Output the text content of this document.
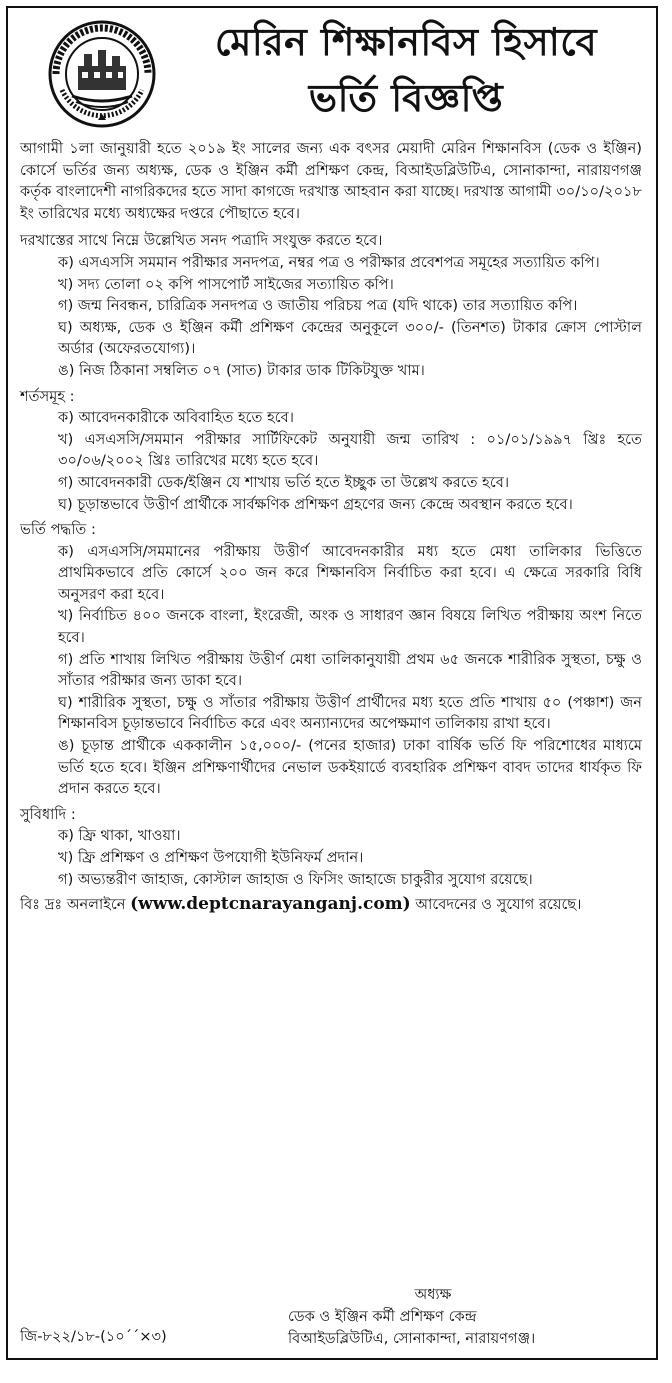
মেরিন শিক্ষানবিস হিসাবে
ভর্তি বিজ্ঞপ্তি

আগামী ১লা জানুয়ারী হতে ২০১৯ ইং সালের জন্য এক বৎসর মেয়াদী মেরিন শিক্ষানবিস (ডেক ও ইঞ্জিন) কোর্সে ভর্তির জন্য অধ্যক্ষ, ডেক ও ইঞ্জিন কর্মী প্রশিক্ষণ কেন্দ্র, বিআইডব্লিউটিএ, সোনাকান্দা, নারায়ণগঞ্জ কর্তৃক বাংলাদেশী নাগরিকদের হতে সাদা কাগজে দরখাস্ত আহবান করা যাচ্ছে। দরখাস্ত আগামী ৩০/১০/২০১৮ ইং তারিখের মধ্যে অধ্যক্ষের দপ্তরে পৌছাতে হবে।

দরখাস্তের সাথে নিম্নে উল্লেখিত সনদ পত্রাদি সংযুক্ত করতে হবে।

ক) এসএসসি সমমান পরীক্ষার সনদপত্র, নম্বর পত্র ও পরীক্ষার প্রবেশপত্র সমূহের সত্যায়িত কপি।

খ) সদ্য তোলা ০২ কপি পাসপোর্ট সাইজের সত্যায়িত কপি।

গ) জন্ম নিবন্ধন, চারিত্রিক সনদপত্র ও জাতীয় পরিচয় পত্র (যদি থাকে) তার সত্যায়িত কপি।

ঘ) অধ্যক্ষ, ডেক ও ইঞ্জিন কর্মী প্রশিক্ষণ কেন্দ্রের অনুকূলে ৩০০/- (তিনশত) টাকার ক্রোস পোস্টাল অর্ডার (অফেরতযোগ্য)।

ঙ) নিজ ঠিকানা সম্বলিত ০৭ (সাত) টাকার ডাক টিকিটযুক্ত খাম।

শর্তসমূহ :

ক) আবেদনকারীকে অবিবাহিত হতে হবে।

খ) এসএসসি/সমমান পরীক্ষার সার্টিফিকেট অনুযায়ী জন্ম তারিখ : ০১/০১/১৯৯৭ খ্রিঃ হতে ৩০/০৬/২০০২ খ্রিঃ তারিখের মধ্যে হতে হবে।

গ) আবেদনকারী ডেক/ইঞ্জিন যে শাখায় ভর্তি হতে ইচ্ছুক তা উল্লেখ করতে হবে।

ঘ) চূড়ান্তভাবে উত্তীর্ণ প্রার্থীকে সার্বক্ষণিক প্রশিক্ষণ গ্রহণের জন্য কেন্দ্রে অবস্থান করতে হবে।

ভর্তি পদ্ধতি :

ক) এসএসসি/সমমানের পরীক্ষায় উত্তীর্ণ আবেদনকারীর মধ্য হতে মেধা তালিকার ভিত্তিতে প্রাথমিকভাবে প্রতি কোর্সে ২০০ জন করে শিক্ষানবিস নির্বাচিত করা হবে। এ ক্ষেত্রে সরকারি বিধি অনুসরণ করা হবে।

খ) নির্বাচিত ৪০০ জনকে বাংলা, ইংরেজী, অংক ও সাধারণ জ্ঞান বিষয়ে লিখিত পরীক্ষায় অংশ নিতে হবে।

গ) প্রতি শাখায় লিখিত পরীক্ষায় উত্তীর্ণ মেধা তালিকানুযায়ী প্রথম ৬৫ জনকে শারীরিক সুস্থতা, চক্ষু ও সাঁতার পরীক্ষার জন্য ডাকা হবে।

ঘ) শারীরিক সুস্থতা, চক্ষু ও সাঁতার পরীক্ষায় উত্তীর্ণ প্রার্থীদের মধ্য হতে প্রতি শাখায় ৫০ (পঞ্চাশ) জন শিক্ষানবিস চূড়ান্তভাবে নির্বাচিত করে এবং অন্যান্যদের অপেক্ষমাণ তালিকায় রাখা হবে।

ঙ) চূড়ান্ত প্রার্থীকে এককালীন ১৫,০০০/- (পনের হাজার) ঢাকা বার্ষিক ভর্তি ফি পরিশোধের মাধ্যমে ভর্তি হতে হবে। ইঞ্জিন প্রশিক্ষণার্থীদের নেভাল ডকইয়ার্ডে ব্যবহারিক প্রশিক্ষণ বাবদ তাদের ধার্যকৃত ফি প্রদান করতে হবে।

সুবিধাদি :

ক) ফ্রি থাকা, খাওয়া।

খ) ফ্রি প্রশিক্ষণ ও প্রশিক্ষণ উপযোগী ইউনিফর্ম প্রদান।

গ) অভ্যন্তরীণ জাহাজ, কোস্টাল জাহাজ ও ফিসিং জাহাজে চাকুরীর সুযোগ রয়েছে।

বিঃ দ্রঃ অনলাইনে (www.deptcnarayanganj.com) আবেদনের ও সুযোগ রয়েছে।

অধ্যক্ষ
ডেক ও ইঞ্জিন কর্মী প্রশিক্ষণ কেন্দ্র
বিআইডব্লিউটিএ, সোনাকান্দা, নারায়ণগঞ্জ।
জি-৮২২/১৮-(১০´´×৩)
